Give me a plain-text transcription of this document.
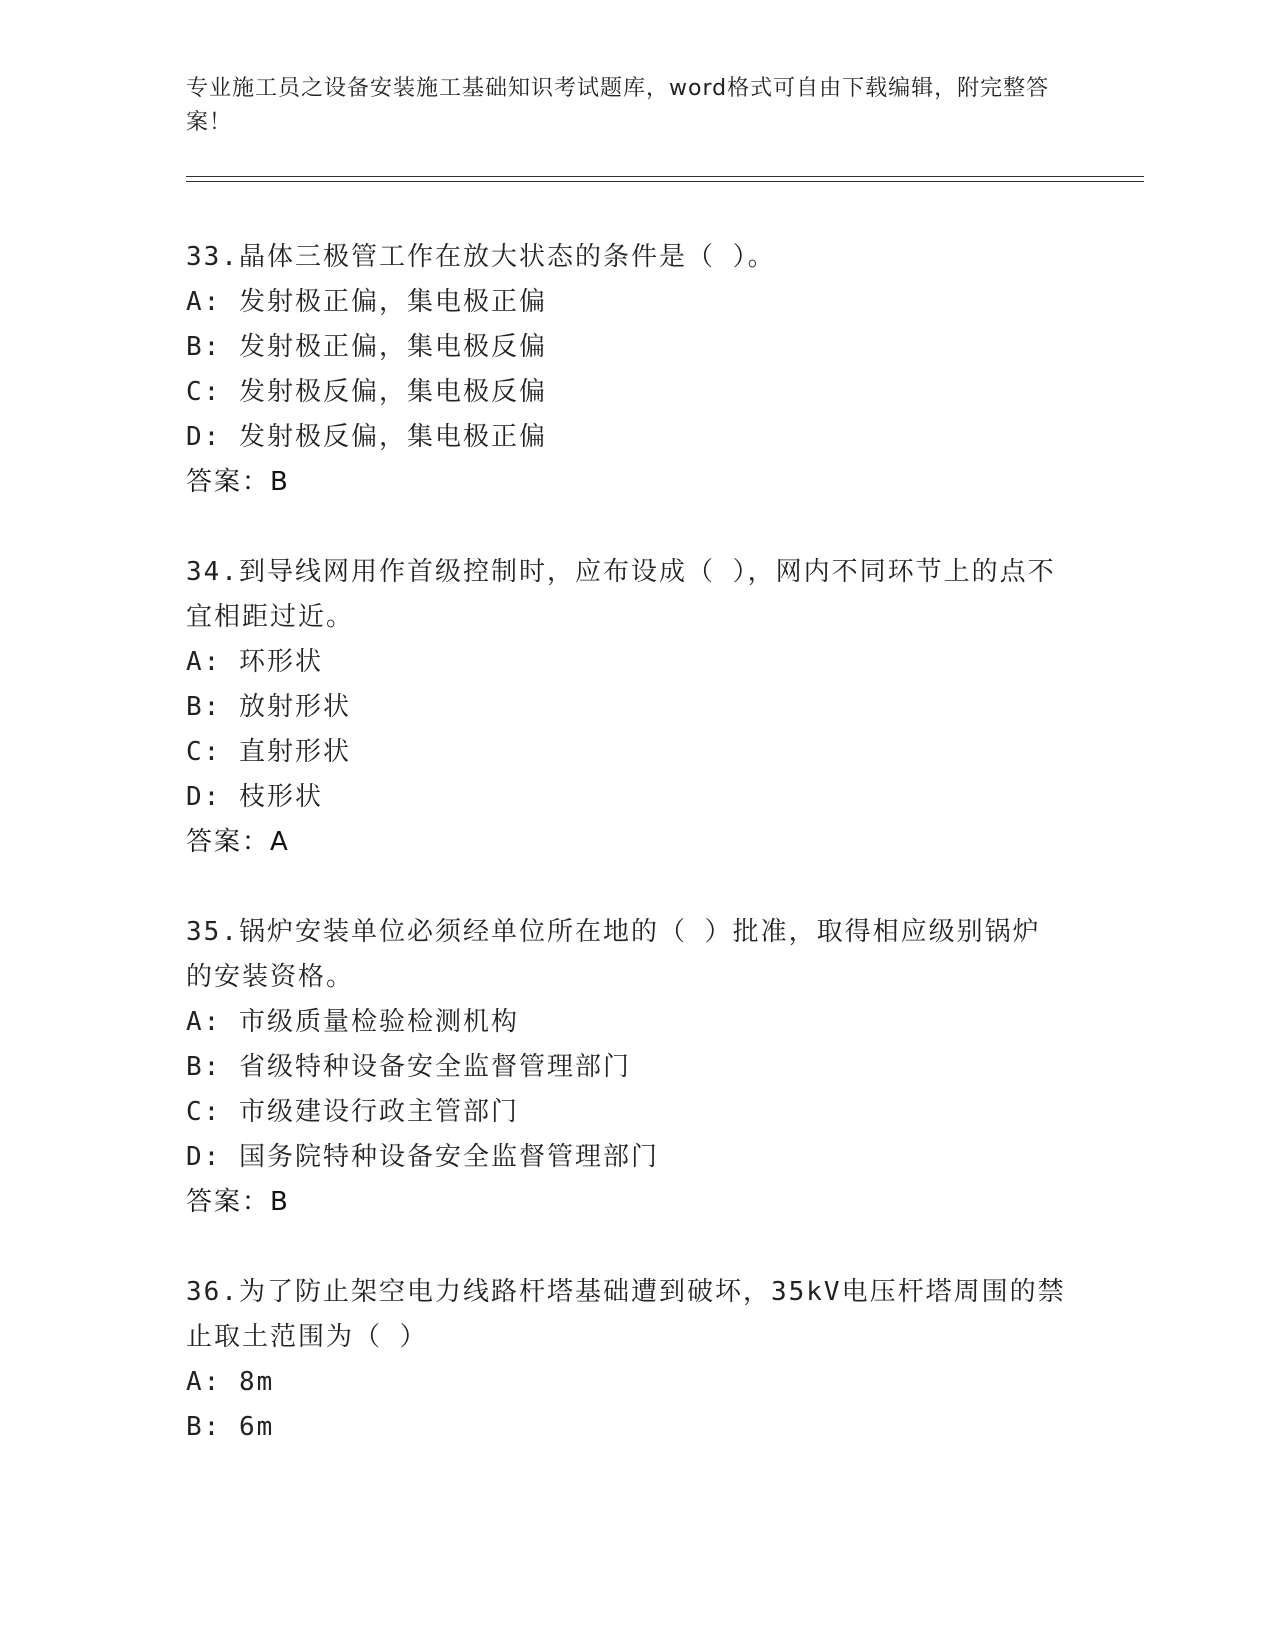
专业施工员之设备安装施工基础知识考试题库，word格式可自由下载编辑，附完整答案！
33.晶体三极管工作在放大状态的条件是（ ）。
A: 发射极正偏，集电极正偏
B: 发射极正偏，集电极反偏
C: 发射极反偏，集电极反偏
D: 发射极反偏，集电极正偏
答案：B
34.到导线网用作首级控制时，应布设成（ ），网内不同环节上的点不宜相距过近。
A: 环形状
B: 放射形状
C: 直射形状
D: 枝形状
答案：A
35.锅炉安装单位必须经单位所在地的（ ）批准，取得相应级别锅炉的安装资格。
A: 市级质量检验检测机构
B: 省级特种设备安全监督管理部门
C: 市级建设行政主管部门
D: 国务院特种设备安全监督管理部门
答案：B
36.为了防止架空电力线路杆塔基础遭到破坏，35kV电压杆塔周围的禁止取土范围为（ ）
A: 8m
B: 6m
